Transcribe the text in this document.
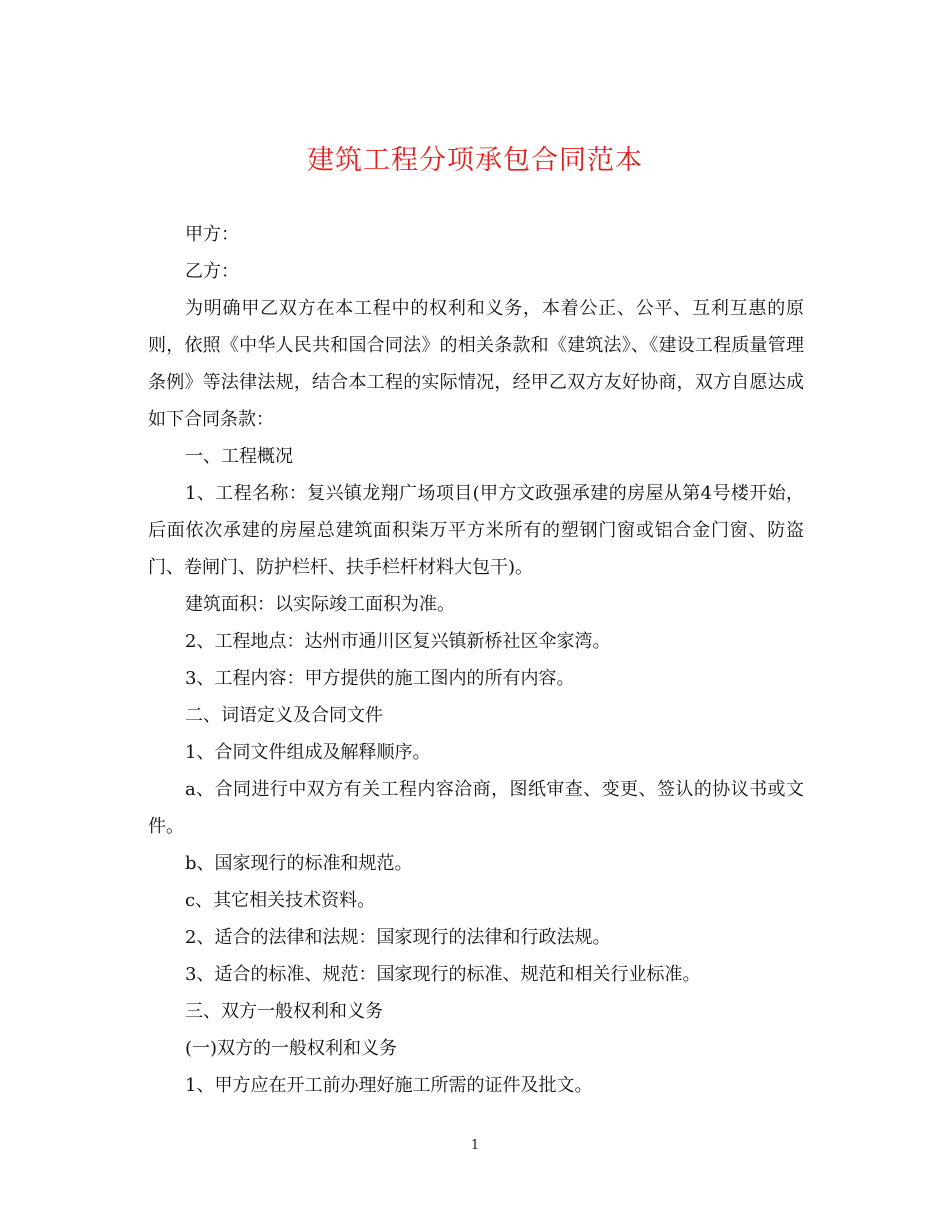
建筑工程分项承包合同范本

甲方：

乙方：

为明确甲乙双方在本工程中的权利和义务，本着公正、公平、互利互惠的原则，依照《中华人民共和国合同法》的相关条款和《建筑法》、《建设工程质量管理条例》等法律法规，结合本工程的实际情况，经甲乙双方友好协商，双方自愿达成如下合同条款：

一、工程概况

1、工程名称：复兴镇龙翔广场项目(甲方文政强承建的房屋从第4号楼开始，后面依次承建的房屋总建筑面积柒万平方米所有的塑钢门窗或铝合金门窗、防盗门、卷闸门、防护栏杆、扶手栏杆材料大包干)。

建筑面积：以实际竣工面积为准。

2、工程地点：达州市通川区复兴镇新桥社区伞家湾。

3、工程内容：甲方提供的施工图内的所有内容。

二、词语定义及合同文件

1、合同文件组成及解释顺序。

a、合同进行中双方有关工程内容洽商，图纸审查、变更、签认的协议书或文件。

b、国家现行的标准和规范。

c、其它相关技术资料。

2、适合的法律和法规：国家现行的法律和行政法规。

3、适合的标准、规范：国家现行的标准、规范和相关行业标准。

三、双方一般权利和义务

(一)双方的一般权利和义务

1、甲方应在开工前办理好施工所需的证件及批文。

1
